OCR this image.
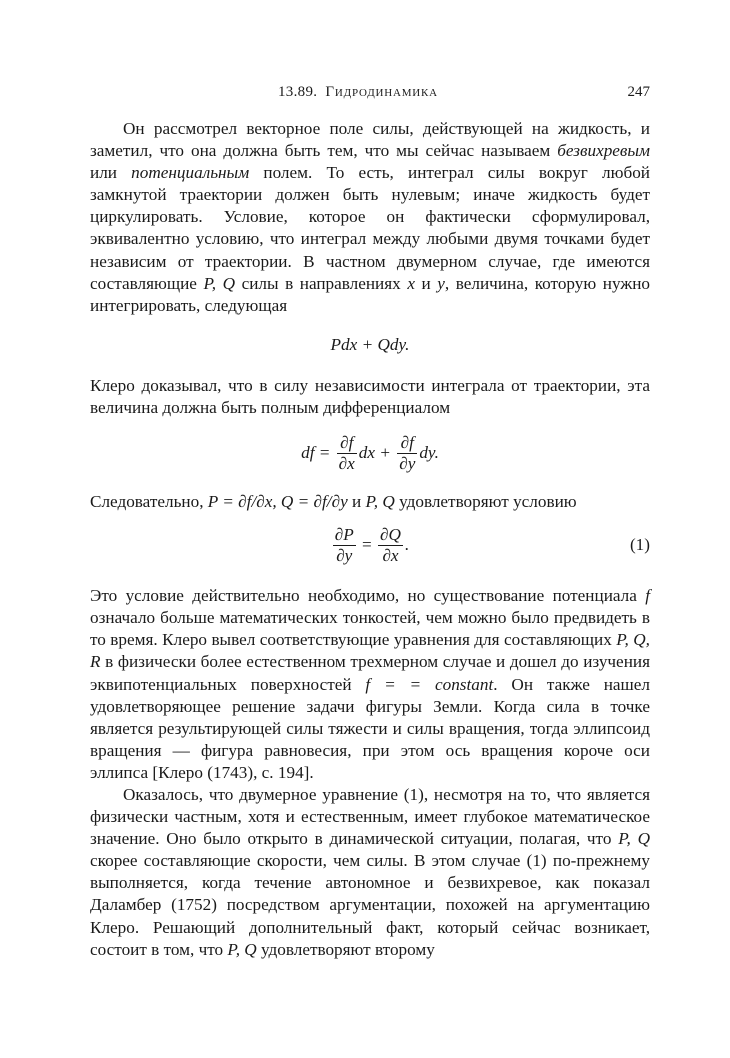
13.89. Гидродинамика	247

Он рассмотрел векторное поле силы, действующей на жидкость, и заметил, что она должна быть тем, что мы сейчас называем безвихревым или потенциальным полем. То есть, интеграл силы вокруг любой замкнутой траектории должен быть нулевым; иначе жидкость будет циркулировать. Условие, которое он фактически сформулировал, эквивалентно условию, что интеграл между любыми двумя точками будет независим от траектории. В частном двумерном случае, где имеются составляющие P, Q силы в направлениях x и y, величина, которую нужно интегрировать, следующая

Pdx + Qdy.

Клеро доказывал, что в силу независимости интеграла от траектории, эта величина должна быть полным дифференциалом

df =
$\frac{\partial f}{\partial x}$ dx +
$\frac{\partial f}{\partial y}$ dy.

Следовательно, P = ∂f/∂x, Q = ∂f/∂y и P, Q удовлетворяют условию

$\frac{\partial P}{\partial y}$
=
$\frac{\partial Q}{\partial x}$ .	(1)

Это условие действительно необходимо, но существование потенциала f означало больше математических тонкостей, чем можно было предвидеть в то время. Клеро вывел соответствующие уравнения для составляющих P, Q, R в физически более естественном трехмерном случае и дошел до изучения эквипотенциальных поверхностей f = = constant. Он также нашел удовлетворяющее решение задачи фигуры Земли. Когда сила в точке является результирующей силы тяжести и силы вращения, тогда эллипсоид вращения — фигура равновесия, при этом ось вращения короче оси эллипса [Клеро (1743), с. 194].

Оказалось, что двумерное уравнение (1), несмотря на то, что является физически частным, хотя и естественным, имеет глубокое математическое значение. Оно было открыто в динамической ситуации, полагая, что P, Q скорее составляющие скорости, чем силы. В этом случае (1) по-прежнему выполняется, когда течение автономное и безвихревое, как показал Даламбер (1752) посредством аргументации, похожей на аргументацию Клеро. Решающий дополнительный факт, который сейчас возникает, состоит в том, что P, Q удовлетворяют второму
